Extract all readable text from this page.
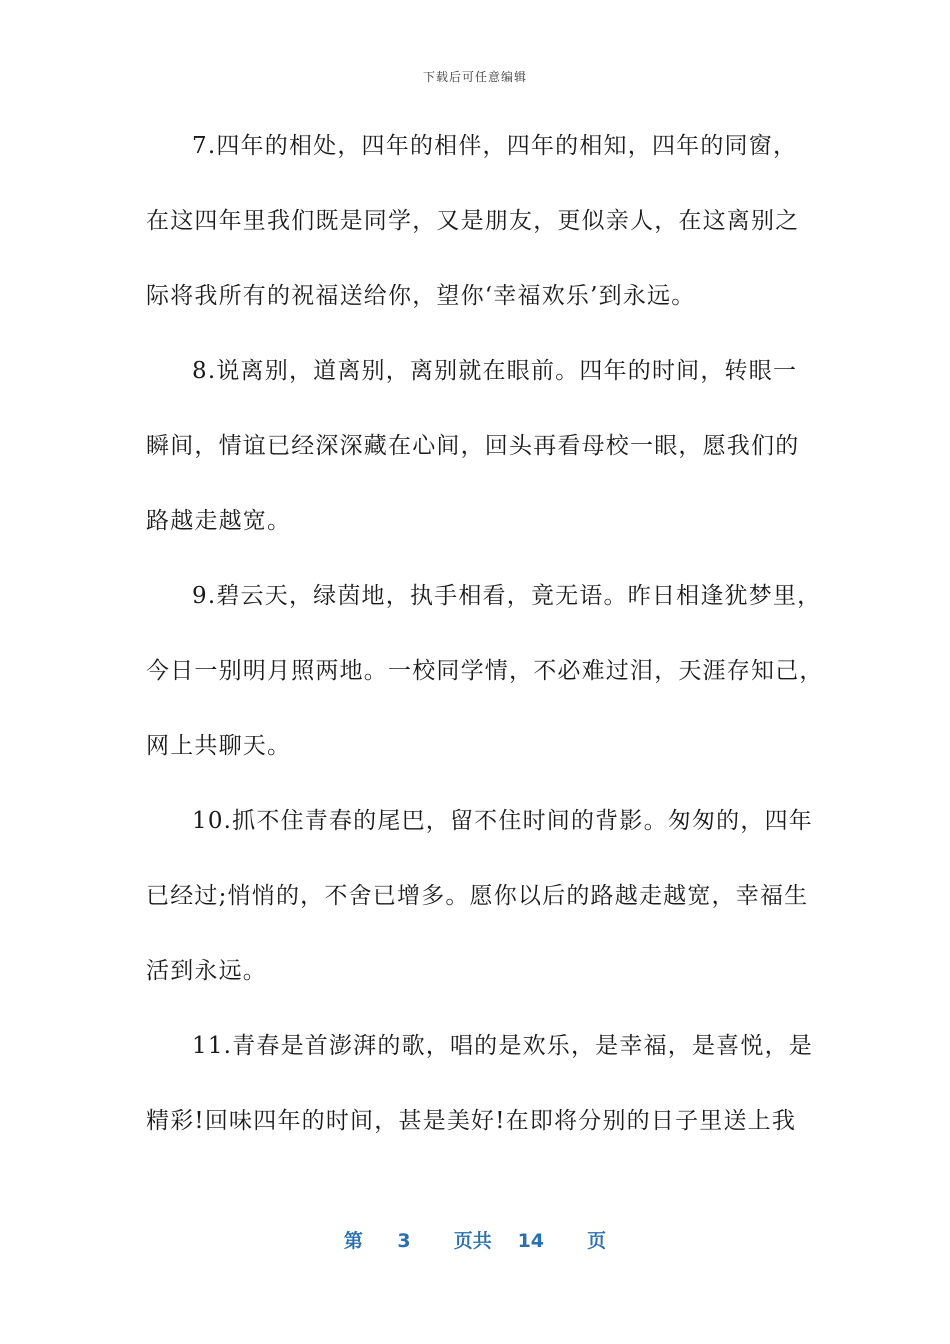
下载后可任意编辑
7.四年的相处，四年的相伴，四年的相知，四年的同窗，
在这四年里我们既是同学，又是朋友，更似亲人，在这离别之
际将我所有的祝福送给你，望你‘幸福欢乐’到永远。
8.说离别，道离别，离别就在眼前。四年的时间，转眼一
瞬间，情谊已经深深藏在心间，回头再看母校一眼，愿我们的
路越走越宽。
9.碧云天，绿茵地，执手相看，竟无语。昨日相逢犹梦里，
今日一别明月照两地。一校同学情，不必难过泪，天涯存知己，
网上共聊天。
10.抓不住青春的尾巴，留不住时间的背影。匆匆的，四年
已经过;悄悄的，不舍已增多。愿你以后的路越走越宽，幸福生
活到永远。
11.青春是首澎湃的歌，唱的是欢乐，是幸福，是喜悦，是
精彩!回味四年的时间，甚是美好!在即将分别的日子里送上我
第 3 页共 14 页
